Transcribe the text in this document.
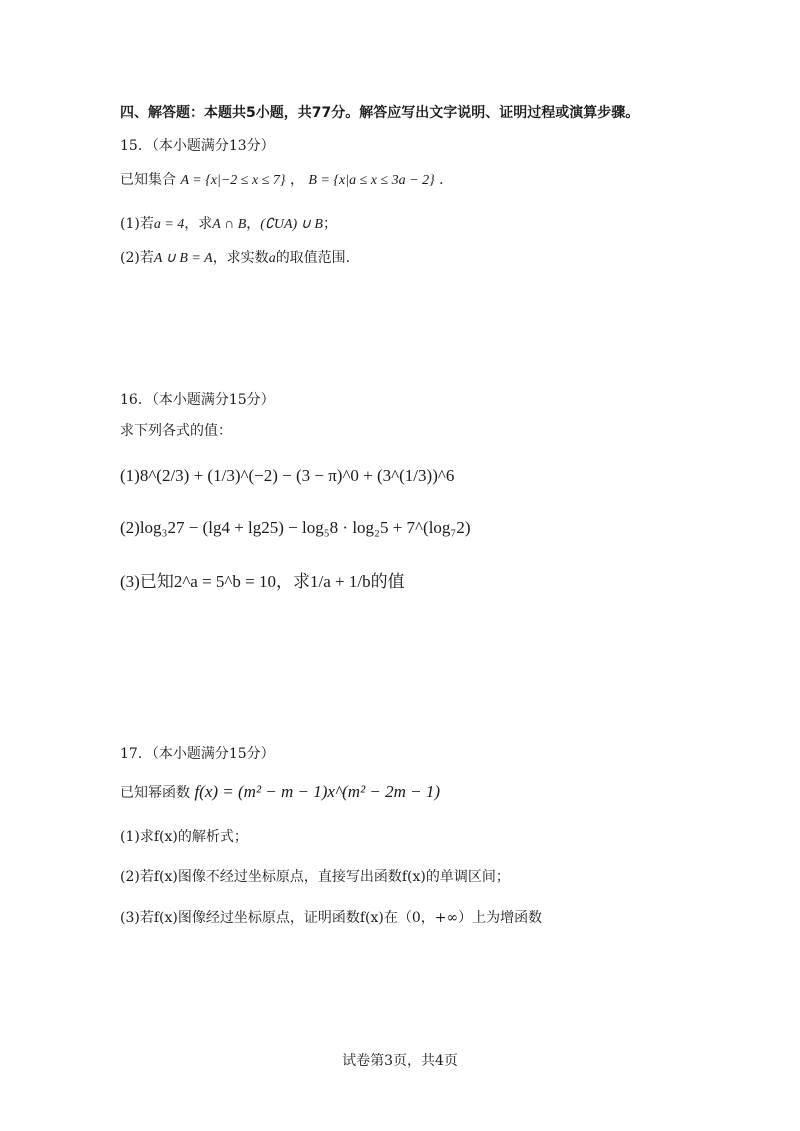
四、解答题：本题共5小题，共77分。解答应写出文字说明、证明过程或演算步骤。
15．（本小题满分13分）
已知集合 A = {x|−2 ≤ x ≤ 7} ， B = {x|a ≤ x ≤ 3a − 2} ．
(1)若a = 4，求A ∩ B，(∁UA) ∪ B；
(2)若A ∪ B = A，求实数a的取值范围.
16．（本小题满分15分）
求下列各式的值：
(1)8^(2/3) + (1/3)^(−2) − (3 − π)^0 + (3^(1/3))^6
(2)log₃27 − (lg4 + lg25) − log₅8 · log₂5 + 7^(log₇2)
(3)已知2^a = 5^b = 10，求1/a + 1/b的值
17．（本小题满分15分）
已知幂函数 f(x) = (m² − m − 1)x^(m² − 2m − 1)
(1)求f(x)的解析式；
(2)若f(x)图像不经过坐标原点，直接写出函数f(x)的单调区间；
(3)若f(x)图像经过坐标原点，证明函数f(x)在（0，+∞）上为增函数
试卷第3页，共4页
